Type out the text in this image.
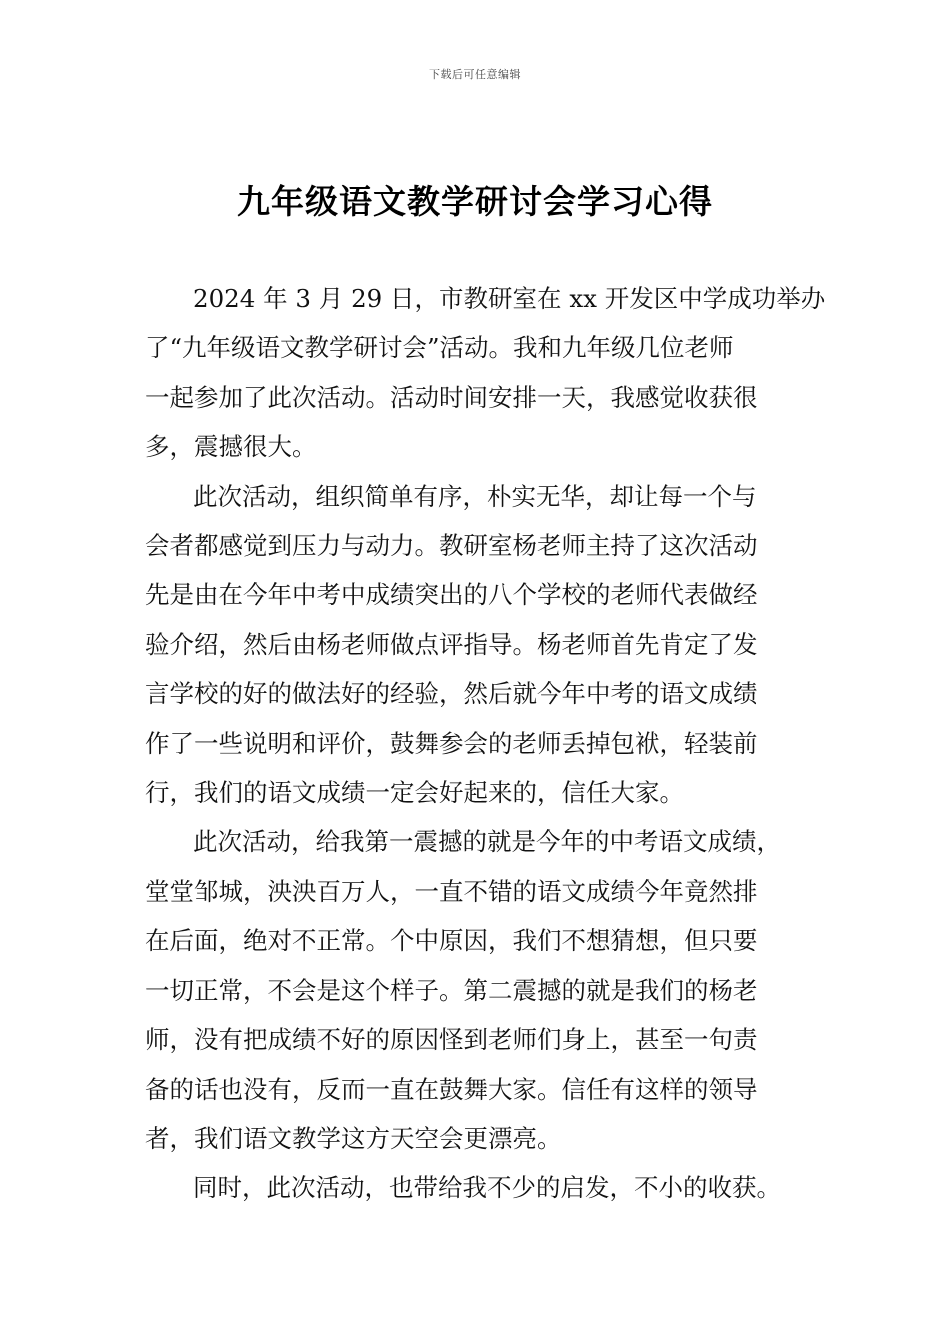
下载后可任意编辑
九年级语文教学研讨会学习心得

2024 年 3 月 29 日，市教研室在 xx 开发区中学成功举办
了“九年级语文教学研讨会”活动。我和九年级几位老师
一起参加了此次活动。活动时间安排一天，我感觉收获很
多，震撼很大。

此次活动，组织简单有序，朴实无华，却让每一个与
会者都感觉到压力与动力。教研室杨老师主持了这次活动
先是由在今年中考中成绩突出的八个学校的老师代表做经
验介绍，然后由杨老师做点评指导。杨老师首先肯定了发
言学校的好的做法好的经验，然后就今年中考的语文成绩
作了一些说明和评价，鼓舞参会的老师丢掉包袱，轻装前
行，我们的语文成绩一定会好起来的，信任大家。

此次活动，给我第一震撼的就是今年的中考语文成绩，
堂堂邹城，泱泱百万人，一直不错的语文成绩今年竟然排
在后面，绝对不正常。个中原因，我们不想猜想，但只要
一切正常，不会是这个样子。第二震撼的就是我们的杨老
师，没有把成绩不好的原因怪到老师们身上，甚至一句责
备的话也没有，反而一直在鼓舞大家。信任有这样的领导
者，我们语文教学这方天空会更漂亮。

同时，此次活动，也带给我不少的启发，不小的收获。
